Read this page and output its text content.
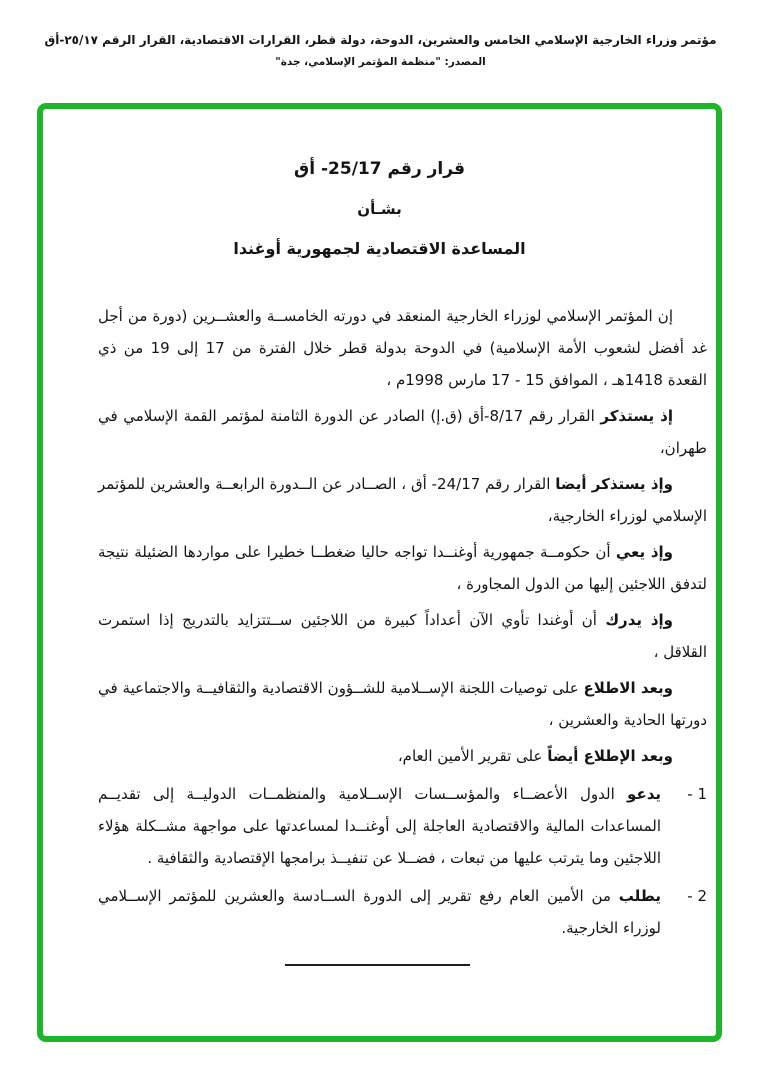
مؤتمر وزراء الخارجية الإسلامي الخامس والعشرين، الدوحة، دولة قطر، القرارات الاقتصادية، القرار الرقم ٢٥/١٧-أق
المصدر: "منظمة المؤتمر الإسلامي، جدة"
قرار رقم 25/17- أق
بشـأن
المساعدة الاقتصادية لجمهورية أوغندا

إن المؤتمر الإسلامي لوزراء الخارجية المنعقد في دورته الخامســة والعشــرين (دورة من أجل غد أفضل لشعوب الأمة الإسلامية) في الدوحة بدولة قطر خلال الفترة من 17 إلى 19 من ذي القعدة 1418هـ ، الموافق 15 - 17 مارس 1998م ،

إذ يستذكر القرار رقم 8/17-أق (ق.إ) الصادر عن الدورة الثامنة لمؤتمر القمة الإسلامي في طهران،

وإذ يستذكر أيضا القرار رقم 24/17- أق ، الصــادر عن الــدورة الرابعــة والعشرين للمؤتمر الإسلامي لوزراء الخارجية،

وإذ يعي أن حكومــة جمهورية أوغنــدا تواجه حاليا ضغطــا خطيرا على مواردها الضئيلة نتيجة لتدفق اللاجئين إليها من الدول المجاورة ،

وإذ يدرك أن أوغندا تأوي الآن أعداداً كبيرة من اللاجئين ســتتزايد بالتدريج إذا استمرت القلاقل ،

وبعد الاطلاع على توصيات اللجنة الإســلامية للشــؤون الاقتصادية والثقافيــة والاجتماعية في دورتها الحادية والعشرين ،

وبعد الإطلاع أيضاً على تقرير الأمين العام،

1 -
يدعو الدول الأعضــاء والمؤســسات الإســلامية والمنظمــات الدوليــة إلى تقديــم المساعدات المالية والاقتصادية العاجلة إلى أوغنــدا لمساعدتها على مواجهة مشــكلة هؤلاء اللاجئين وما يترتب عليها من تبعات ، فضــلا عن تنفيــذ برامجها الإقتصادية والثقافية .
2 -
يطلب من الأمين العام رفع تقرير إلى الدورة الســادسة والعشرين للمؤتمر الإســلامي لوزراء الخارجية.
